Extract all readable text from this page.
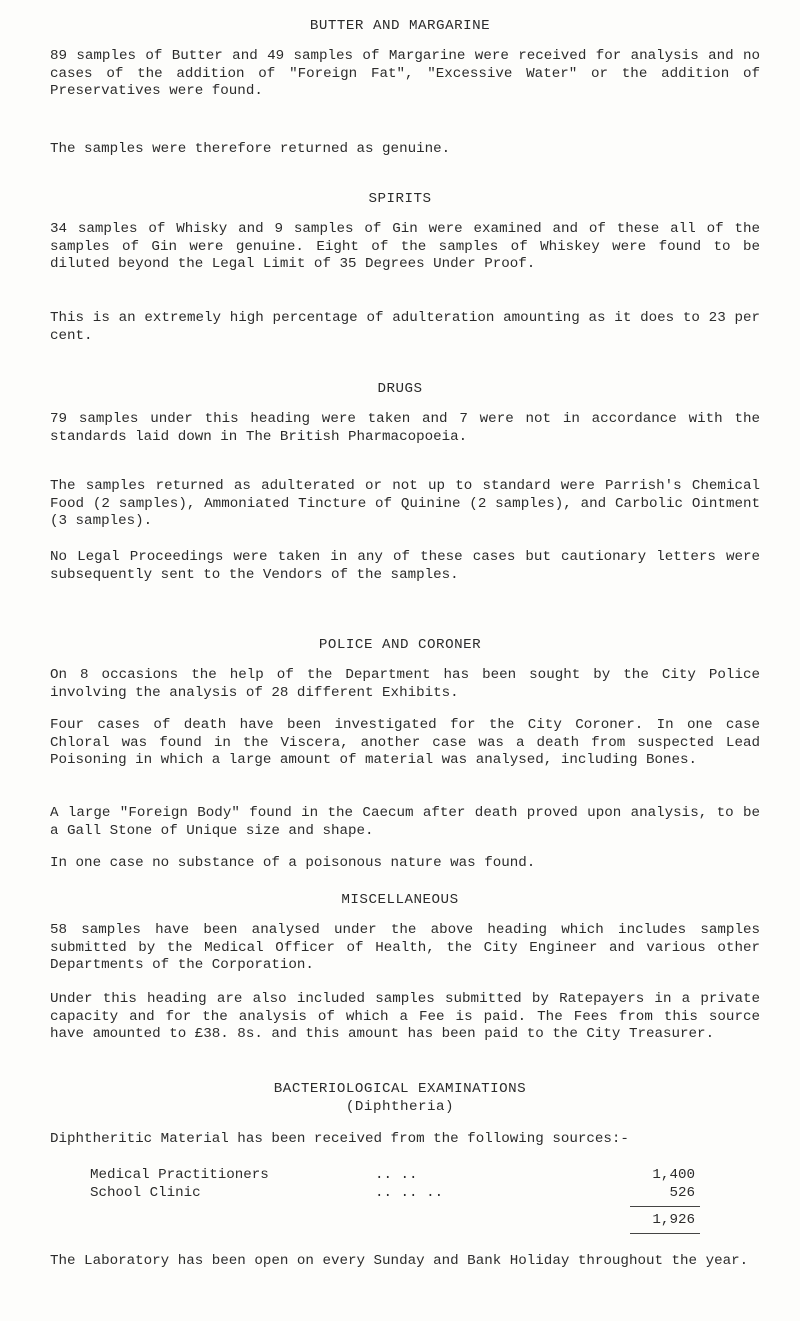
BUTTER AND MARGARINE

89 samples of Butter and 49 samples of Margarine were received for analysis and no cases of the addition of "Foreign Fat", "Excessive Water" or the addition of Preservatives were found.

The samples were therefore returned as genuine.

SPIRITS

34 samples of Whisky and 9 samples of Gin were examined and of these all of the samples of Gin were genuine. Eight of the samples of Whiskey were found to be diluted beyond the Legal Limit of 35 Degrees Under Proof.

This is an extremely high percentage of adulteration amounting as it does to 23 per cent.

DRUGS

79 samples under this heading were taken and 7 were not in accordance with the standards laid down in The British Pharmacopoeia.

The samples returned as adulterated or not up to standard were Parrish's Chemical Food (2 samples), Ammoniated Tincture of Quinine (2 samples), and Carbolic Ointment (3 samples).

No Legal Proceedings were taken in any of these cases but cautionary letters were subsequently sent to the Vendors of the samples.

POLICE AND CORONER

On 8 occasions the help of the Department has been sought by the City Police involving the analysis of 28 different Exhibits.

Four cases of death have been investigated for the City Coroner. In one case Chloral was found in the Viscera, another case was a death from suspected Lead Poisoning in which a large amount of material was analysed, including Bones.

A large "Foreign Body" found in the Caecum after death proved upon analysis, to be a Gall Stone of Unique size and shape.

In one case no substance of a poisonous nature was found.

MISCELLANEOUS

58 samples have been analysed under the above heading which includes samples submitted by the Medical Officer of Health, the City Engineer and various other Departments of the Corporation.

Under this heading are also included samples submitted by Ratepayers in a private capacity and for the analysis of which a Fee is paid. The Fees from this source have amounted to £38. 8s. and this amount has been paid to the City Treasurer.

BACTERIOLOGICAL EXAMINATIONS
(Diphtheria)

Diphtheritic Material has been received from the following sources:-

Medical Practitioners	.. ..	1,400
School Clinic	.. .. ..	526
1,926

The Laboratory has been open on every Sunday and Bank Holiday throughout the year.
